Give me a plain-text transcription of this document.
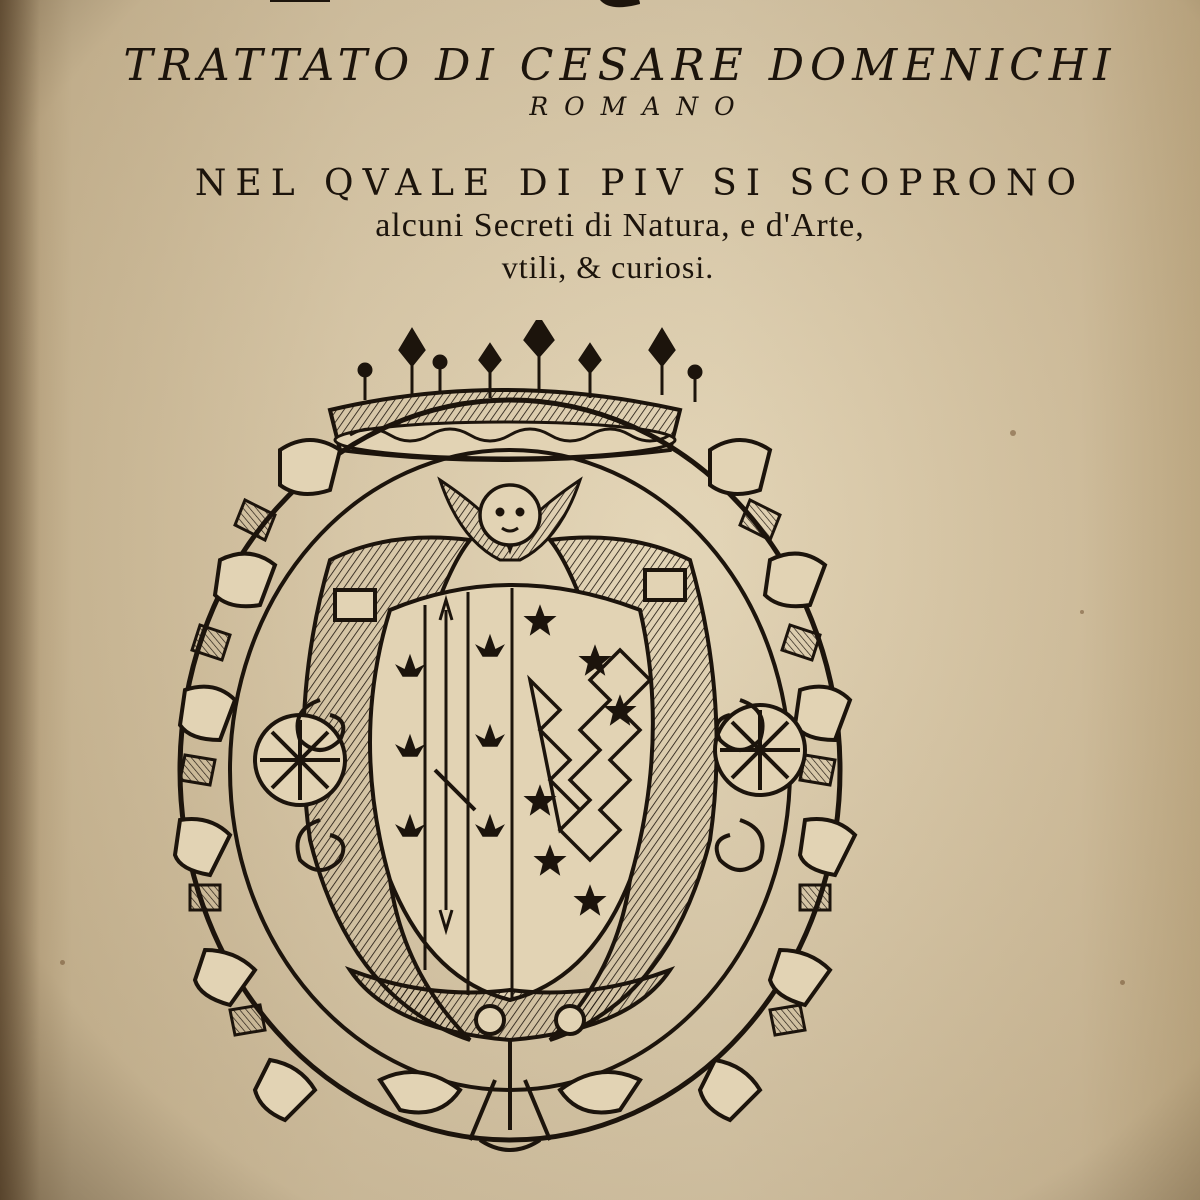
TRATTATO DI CESARE DOMENICHI
ROMANO
NEL QVALE DI PIV SI SCOPRONO
alcuni Secreti di Natura, e d'Arte,
vtili, & curiosi.
